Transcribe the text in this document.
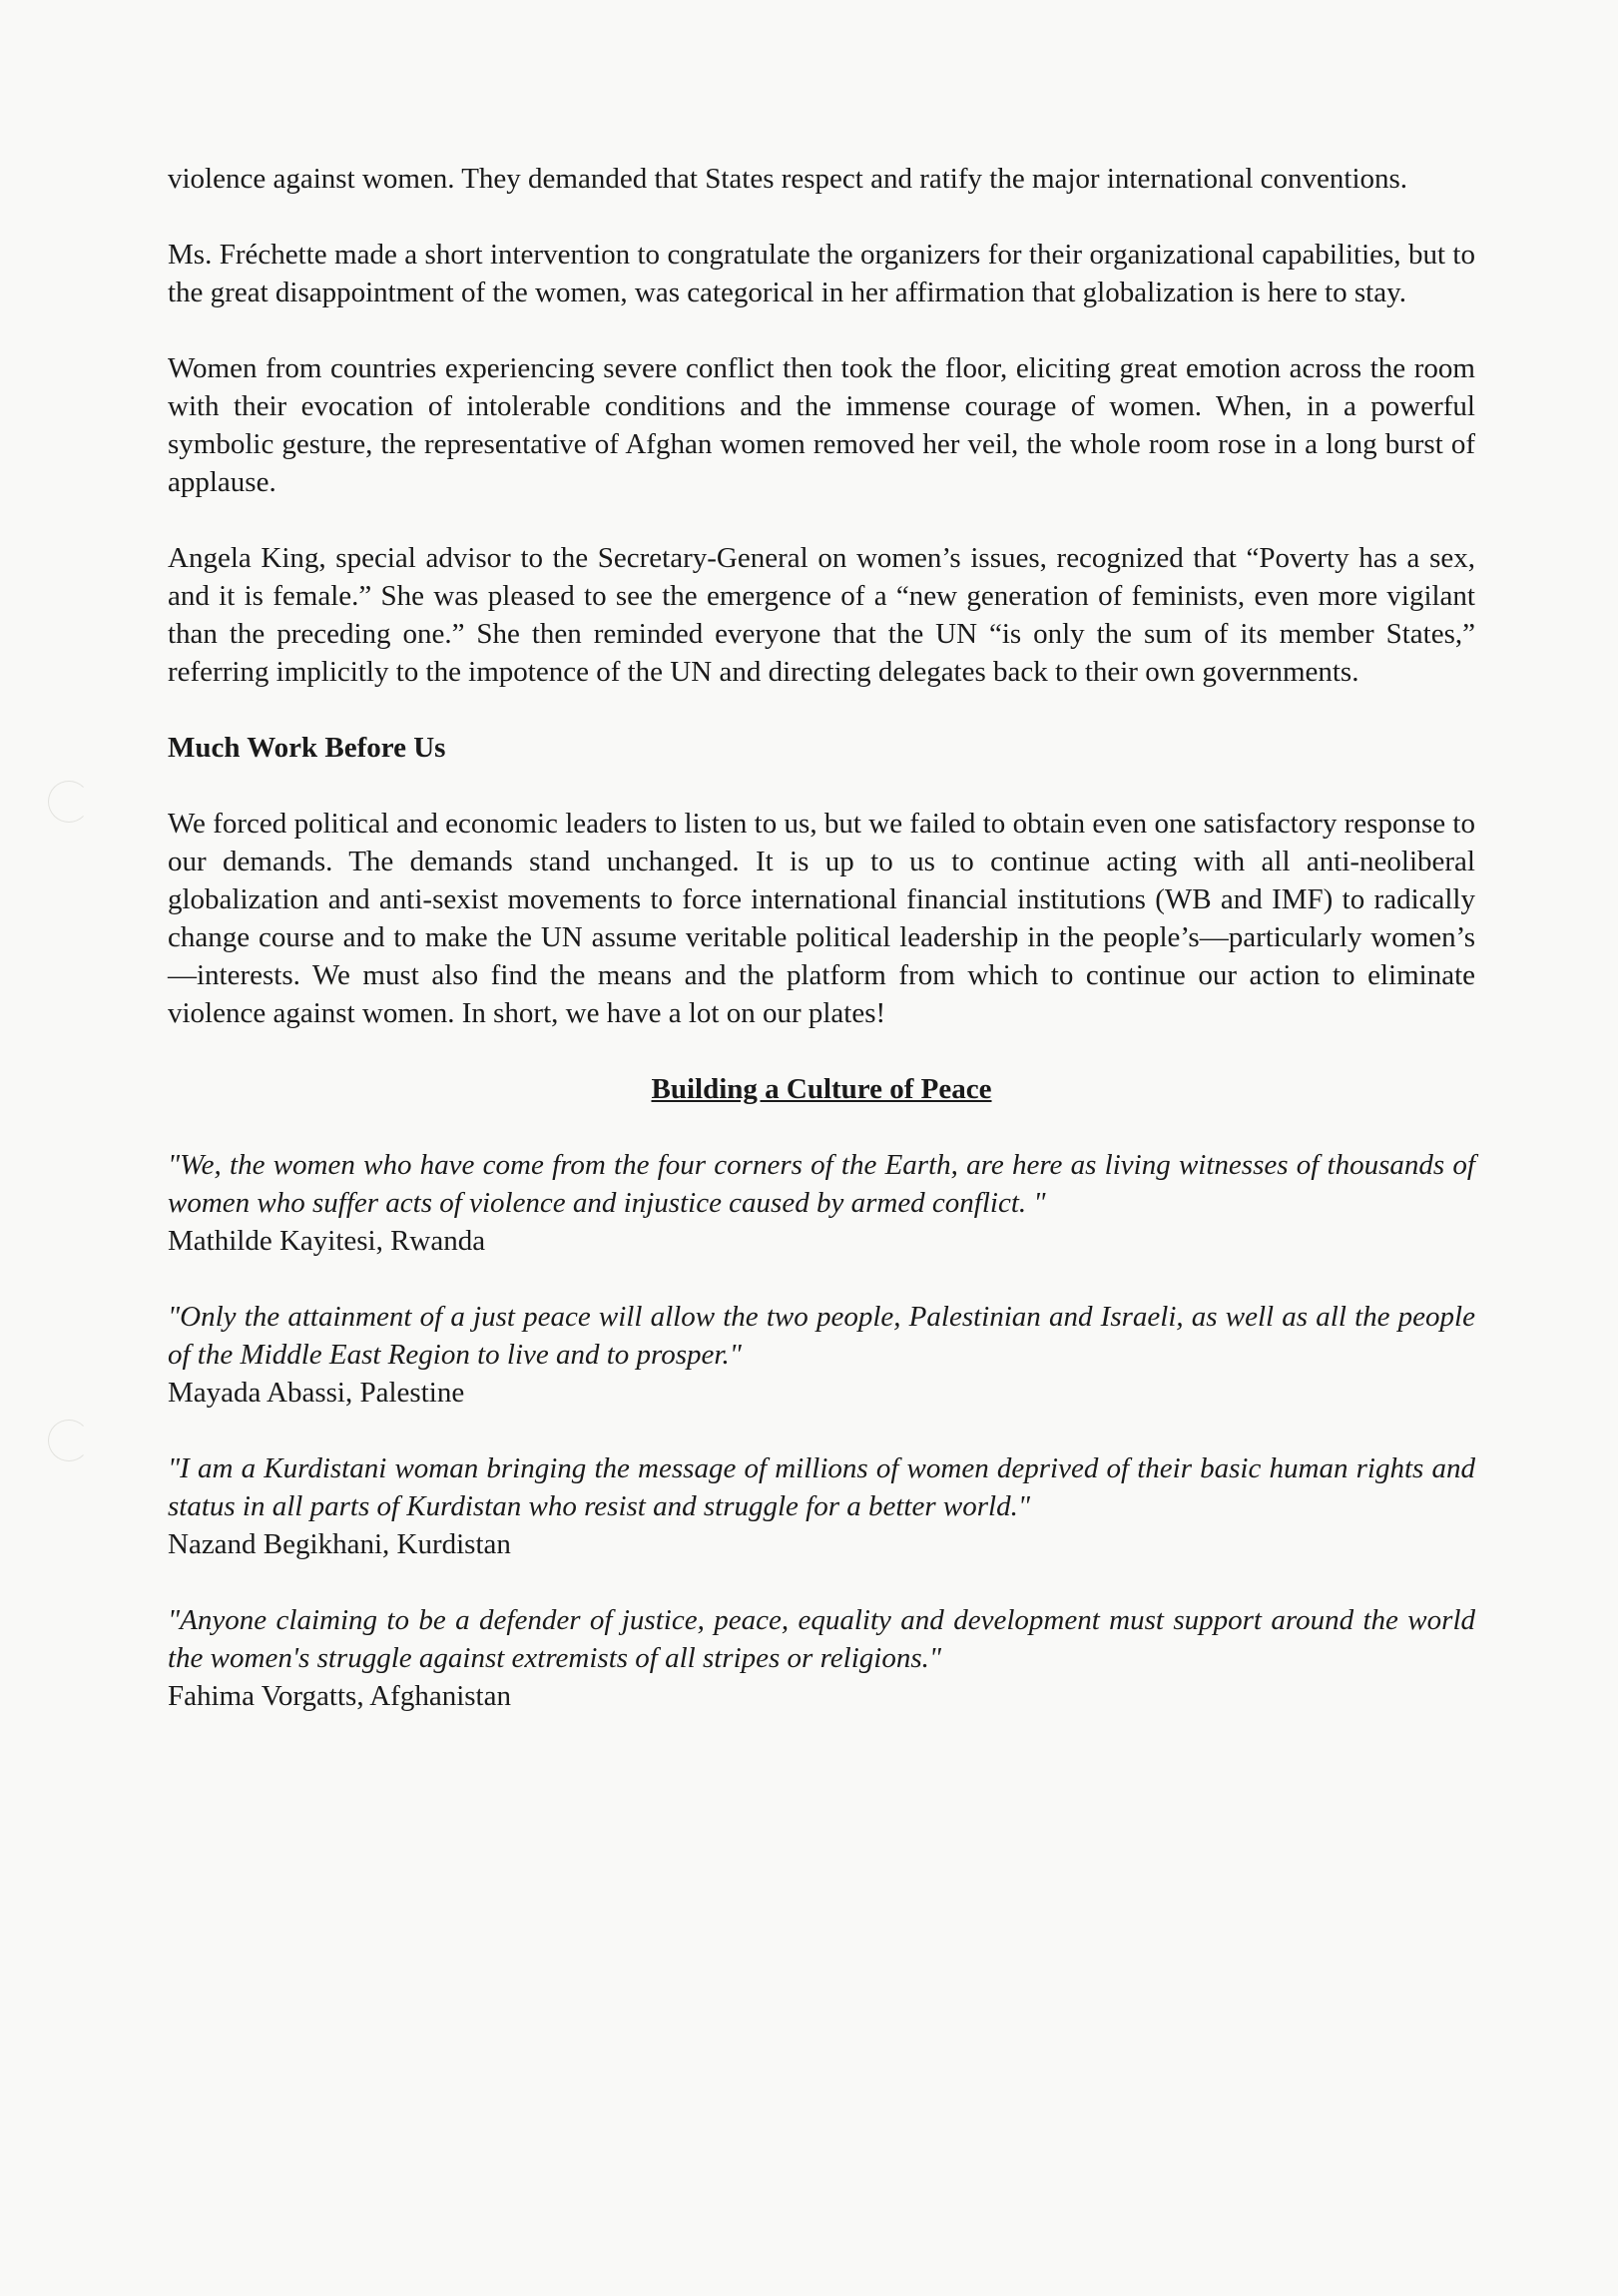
violence against women. They demanded that States respect and ratify the major international conventions.

Ms. Fréchette made a short intervention to congratulate the organizers for their organizational capabilities, but to the great disappointment of the women, was categorical in her affirmation that globalization is here to stay.

Women from countries experiencing severe conflict then took the floor, eliciting great emotion across the room with their evocation of intolerable conditions and the immense courage of women. When, in a powerful symbolic gesture, the representative of Afghan women removed her veil, the whole room rose in a long burst of applause.

Angela King, special advisor to the Secretary-General on women’s issues, recognized that “Poverty has a sex, and it is female.” She was pleased to see the emergence of a “new generation of feminists, even more vigilant than the preceding one.” She then reminded everyone that the UN “is only the sum of its member States,” referring implicitly to the impotence of the UN and directing delegates back to their own governments.

Much Work Before Us

We forced political and economic leaders to listen to us, but we failed to obtain even one satisfactory response to our demands. The demands stand unchanged. It is up to us to continue acting with all anti-neoliberal globalization and anti-sexist movements to force international financial institutions (WB and IMF) to radically change course and to make the UN assume veritable political leadership in the people’s—particularly women’s—interests. We must also find the means and the platform from which to continue our action to eliminate violence against women. In short, we have a lot on our plates!

Building a Culture of Peace

"We, the women who have come from the four corners of the Earth, are here as living witnesses of thousands of women who suffer acts of violence and injustice caused by armed conflict. "

Mathilde Kayitesi, Rwanda

"Only the attainment of a just peace will allow the two people, Palestinian and Israeli, as well as all the people of the Middle East Region to live and to prosper."

Mayada Abassi, Palestine

"I am a Kurdistani woman bringing the message of millions of women deprived of their basic human rights and status in all parts of Kurdistan who resist and struggle for a better world."

Nazand Begikhani, Kurdistan

"Anyone claiming to be a defender of justice, peace, equality and development must support around the world the women's struggle against extremists of all stripes or religions."

Fahima Vorgatts, Afghanistan
